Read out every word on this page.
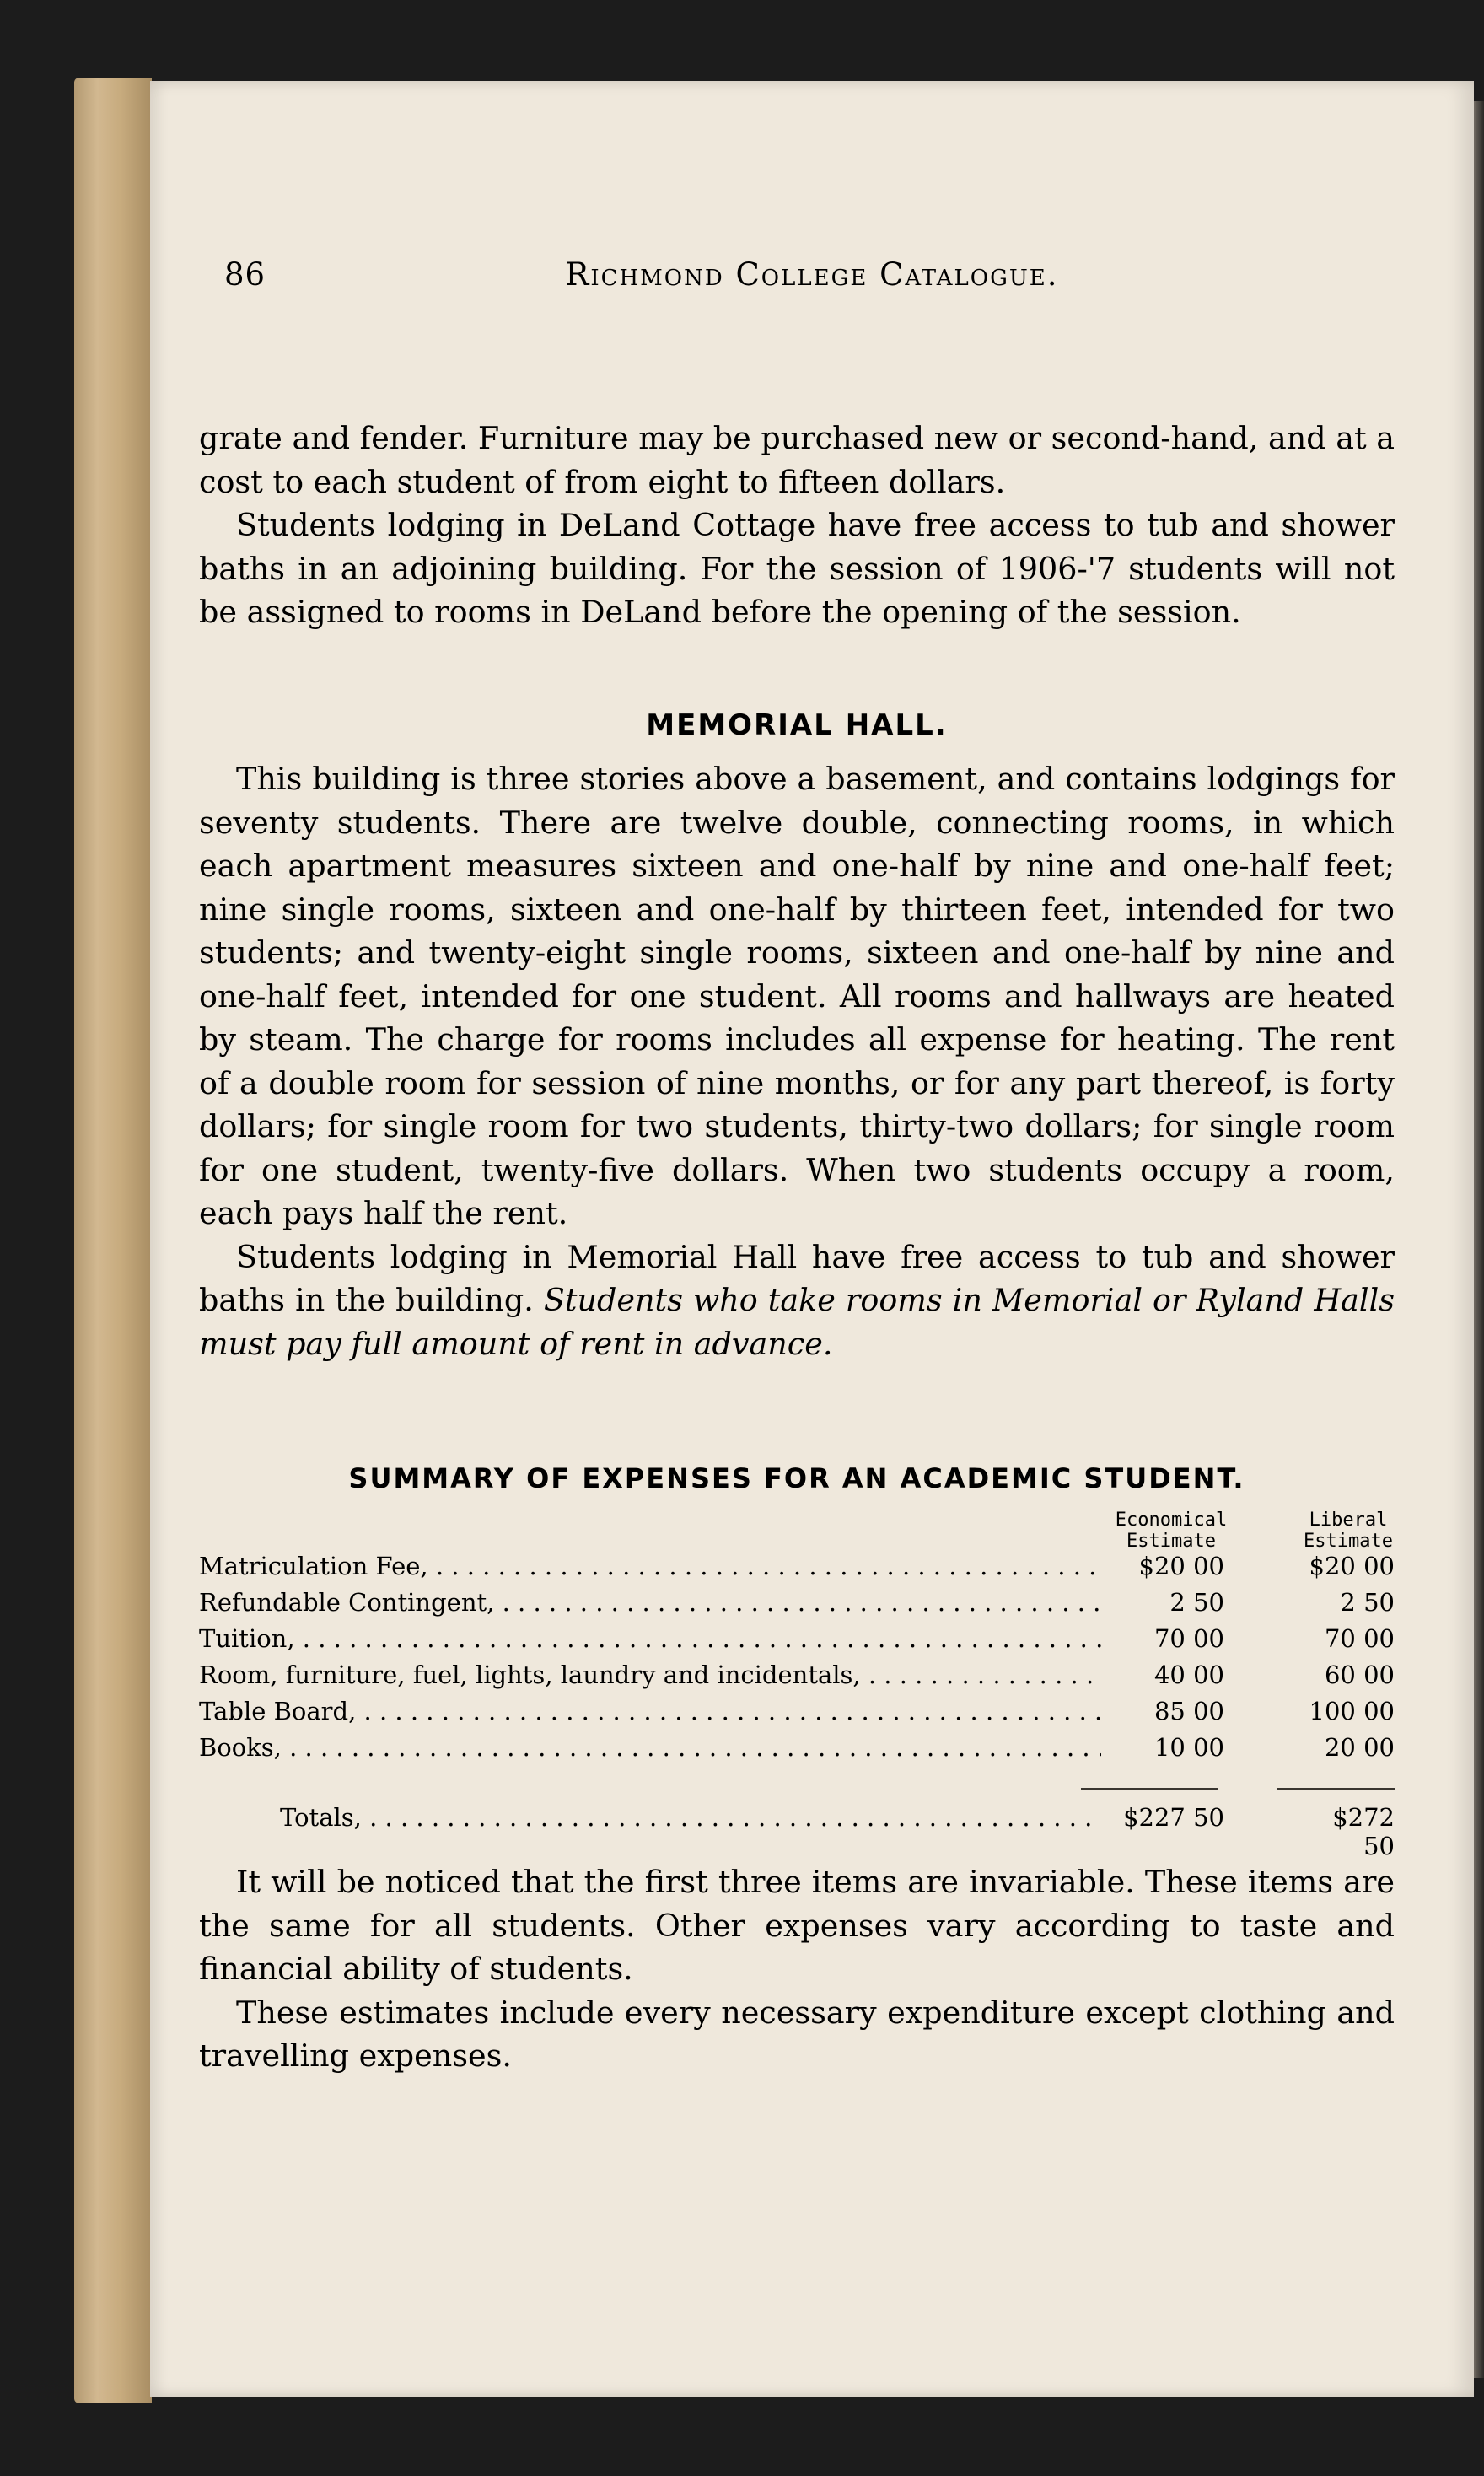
86	Richmond College Catalogue.

grate and fender. Furniture may be purchased new or second-hand, and at a cost to each student of from eight to fifteen dollars.

Students lodging in DeLand Cottage have free access to tub and shower baths in an adjoining building. For the session of 1906-'7 students will not be assigned to rooms in DeLand before the opening of the session.

MEMORIAL HALL.

This building is three stories above a basement, and contains lodgings for seventy students. There are twelve double, connecting rooms, in which each apartment measures sixteen and one-half by nine and one-half feet; nine single rooms, sixteen and one-half by thirteen feet, intended for two students; and twenty-eight single rooms, sixteen and one-half by nine and one-half feet, intended for one student. All rooms and hallways are heated by steam. The charge for rooms includes all expense for heating. The rent of a double room for session of nine months, or for any part thereof, is forty dollars; for single room for two students, thirty-two dollars; for single room for one student, twenty-five dollars. When two students occupy a room, each pays half the rent.

Students lodging in Memorial Hall have free access to tub and shower baths in the building. Students who take rooms in Memorial or Ryland Halls must pay full amount of rent in advance.

SUMMARY OF EXPENSES FOR AN ACADEMIC STUDENT.
Economical
Estimate
Liberal
Estimate
Matriculation Fee, . . .	$20 00	$20 00
Refundable Contingent, . . .	2 50	2 50
Tuition, . . .	70 00	70 00
Room, furniture, fuel, lights, laundry and incidentals, . . .	40 00	60 00
Table Board, . . .	85 00	100 00
Books, . . .	10 00	20 00
Totals, . . .	$227 50	$272 50

It will be noticed that the first three items are invariable. These items are the same for all students. Other expenses vary according to taste and financial ability of students.

These estimates include every necessary expenditure except clothing and travelling expenses.
